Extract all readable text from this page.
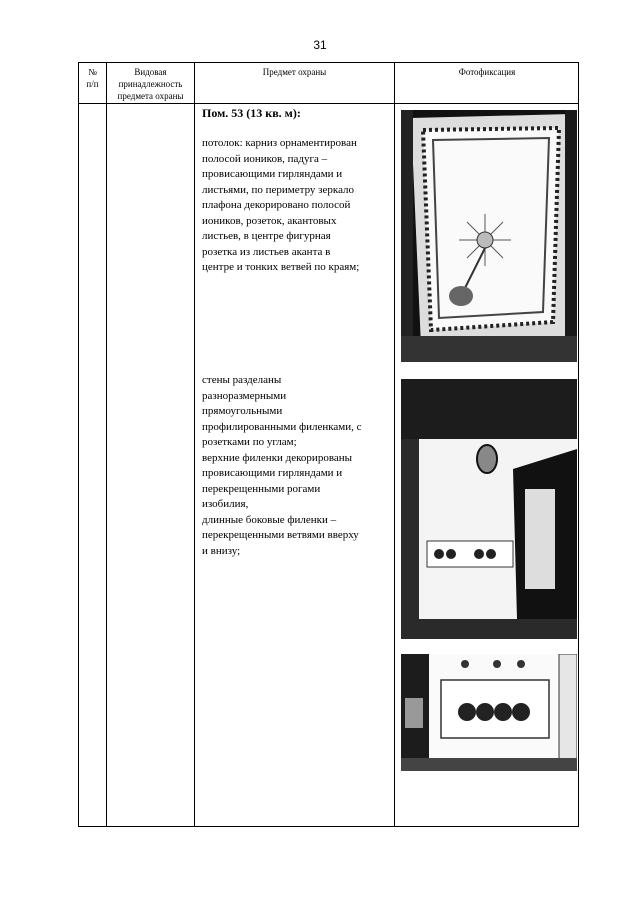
31
№
п/п
Видовая
принадлежность
предмета охраны
Предмет охраны	Фотофиксация
Пом. 53 (13 кв. м):
потолок: карниз орнаментирован
полосой иоников, падуга –
провисающими гирляндами и
листьями, по периметру зеркало
плафона декорировано полосой
иоников, розеток, акантовых
листьев, в центре фигурная
розетка из листьев аканта в
центре и тонких ветвей по краям;
стены разделаны
разноразмерными
прямоугольными
профилированными филенками, с
розетками по углам;
верхние филенки декорированы
провисающими гирляндами и
перекрещенными рогами
изобилия,
длинные боковые филенки –
перекрещенными ветвями вверху
и внизу;
